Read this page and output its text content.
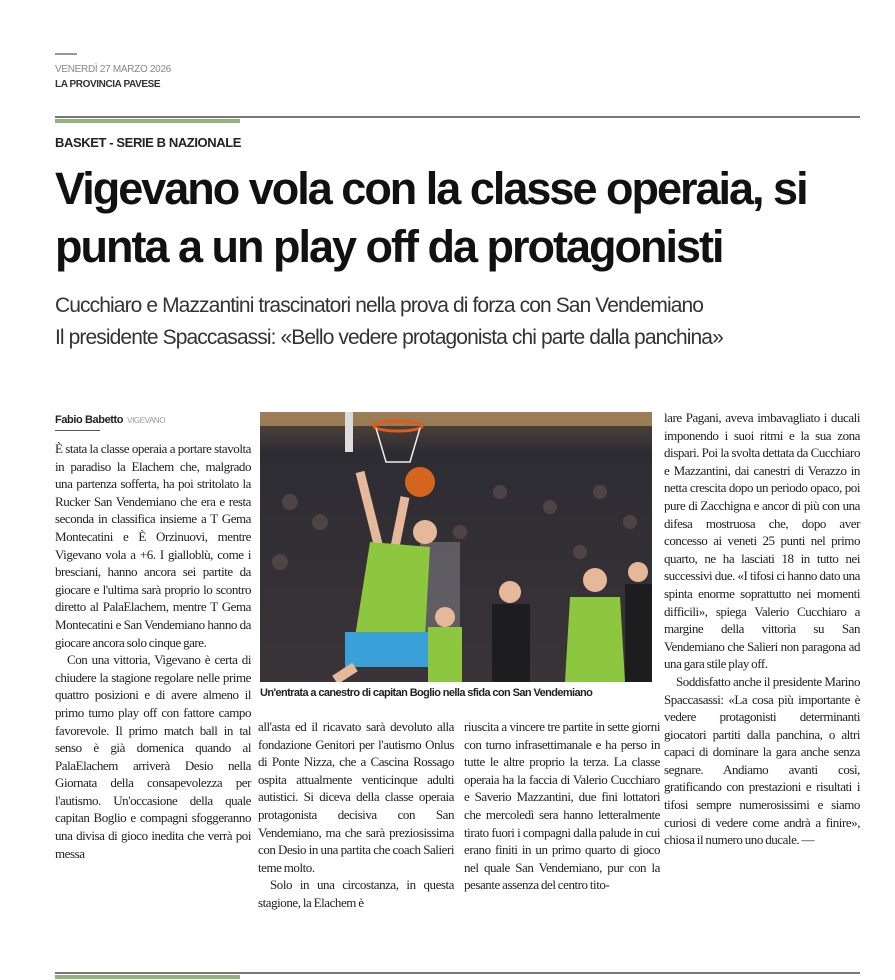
VENERDÌ 27 MARZO 2026
LA PROVINCIA PAVESE
BASKET - SERIE B NAZIONALE
Vigevano vola con la classe operaia, si punta a un play off da protagonisti
Cucchiaro e Mazzantini trascinatori nella prova di forza con San Vendemiano
Il presidente Spaccasassi: «Bello vedere protagonista chi parte dalla panchina»
Fabio Babetto VIGEVANO

È stata la classe operaia a portare stavolta in paradiso la Elachem che, malgrado una partenza sofferta, ha poi stritolato la Rucker San Vendemiano che era e resta seconda in classifica insieme a T Gema Montecatini e È Orzinuovi, mentre Vigevano vola a +6. I gialloblù, come i bresciani, hanno ancora sei partite da giocare e l'ultima sarà proprio lo scontro diretto al PalaElachem, mentre T Gema Montecatini e San Vendemiano hanno da giocare ancora solo cinque gare.

Con una vittoria, Vigevano è certa di chiudere la stagione regolare nelle prime quattro posizioni e di avere almeno il primo turno play off con fattore campo favorevole. Il primo match ball in tal senso è già domenica quando al PalaElachem arriverà Desio nella Giornata della consapevolezza per l'autismo. Un'occasione della quale capitan Boglio e compagni sfoggeranno una divisa di gioco inedita che verrà poi messa

Un'entrata a canestro di capitan Boglio nella sfida con San Vendemiano

all'asta ed il ricavato sarà devoluto alla fondazione Genitori per l'autismo Onlus di Ponte Nizza, che a Cascina Rossago ospita attualmente venticinque adulti autistici. Si diceva della classe operaia protagonista decisiva con San Vendemiano, ma che sarà preziosissima con Desio in una partita che coach Salieri teme molto.

Solo in una circostanza, in questa stagione, la Elachem è

riuscita a vincere tre partite in sette giorni con turno infrasettimanale e ha perso in tutte le altre proprio la terza. La classe operaia ha la faccia di Valerio Cucchiaro e Saverio Mazzantini, due fini lottatori che mercoledì sera hanno letteralmente tirato fuori i compagni dalla palude in cui erano finiti in un primo quarto di gioco nel quale San Vendemiano, pur con la pesante assenza del centro tito-

lare Pagani, aveva imbavagliato i ducali imponendo i suoi ritmi e la sua zona dispari. Poi la svolta dettata da Cucchiaro e Mazzantini, dai canestri di Verazzo in netta crescita dopo un periodo opaco, poi pure di Zacchigna e ancor di più con una difesa mostruosa che, dopo aver concesso ai veneti 25 punti nel primo quarto, ne ha lasciati 18 in tutto nei successivi due. «I tifosi ci hanno dato una spinta enorme soprattutto nei momenti difficili», spiega Valerio Cucchiaro a margine della vittoria su San Vendemiano che Salieri non paragona ad una gara stile play off.

Soddisfatto anche il presidente Marino Spaccasassi: «La cosa più importante è vedere protagonisti determinanti giocatori partiti dalla panchina, o altri capaci di dominare la gara anche senza segnare. Andiamo avanti così, gratificando con prestazioni e risultati i tifosi sempre numerosissimi e siamo curiosi di vedere come andrà a finire», chiosa il numero uno ducale. —
